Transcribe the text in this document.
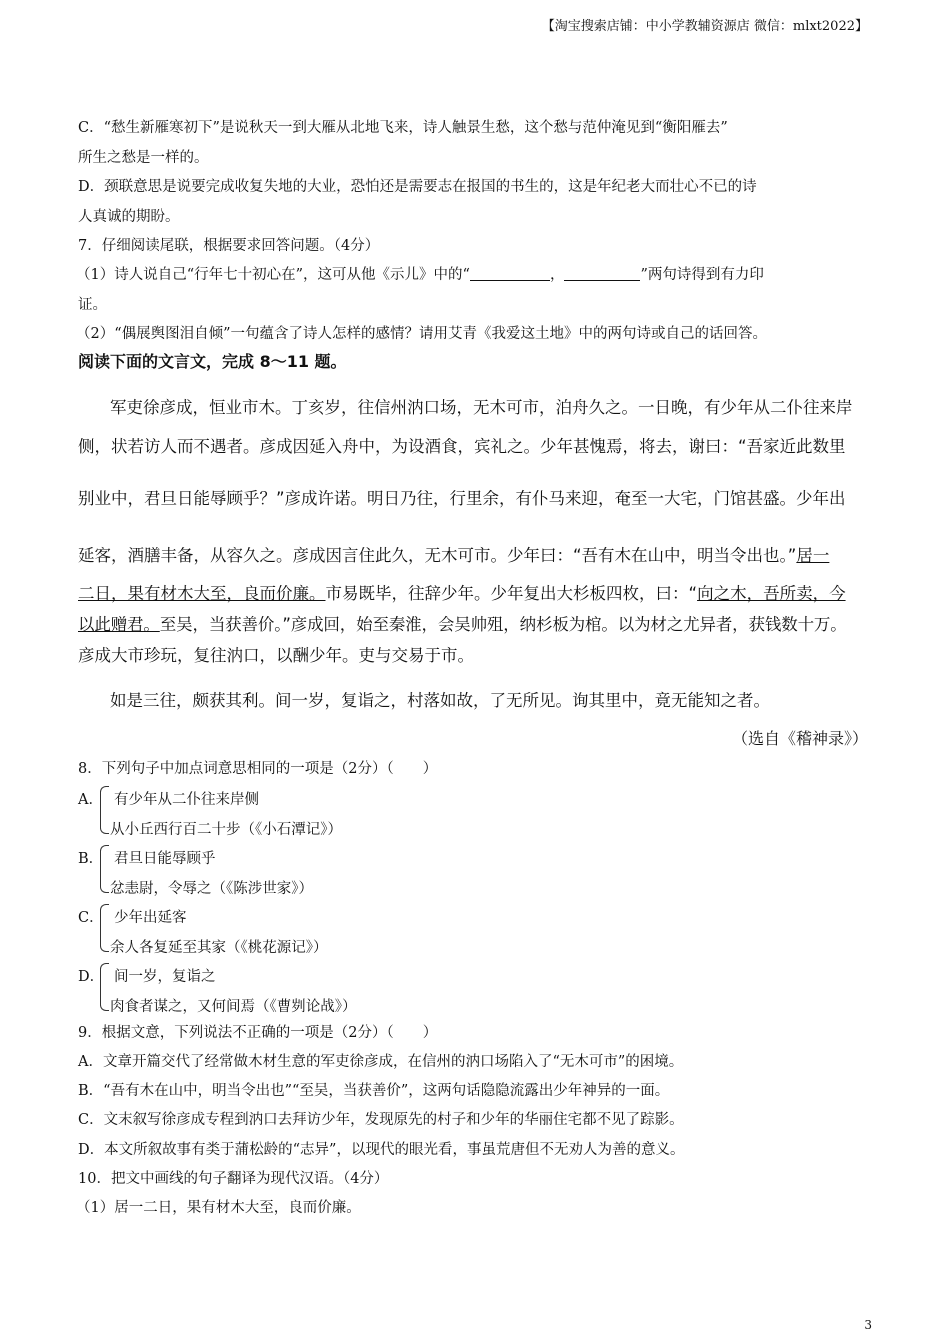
【淘宝搜索店铺：中小学教辅资源店 微信：mlxt2022】
C．“愁生新雁寒初下”是说秋天一到大雁从北地飞来，诗人触景生愁，这个愁与范仲淹见到“衡阳雁去”
所生之愁是一样的。
D．颈联意思是说要完成收复失地的大业，恐怕还是需要志在报国的书生的，这是年纪老大而壮心不已的诗
人真诚的期盼。
7．仔细阅读尾联，根据要求回答问题。（4分）
（1）诗人说自己“行年七十初心在”，这可从他《示儿》中的“	，	”两句诗得到有力印
证。
（2）“偶展舆图泪自倾”一句蕴含了诗人怎样的感情？请用艾青《我爱这土地》中的两句诗或自己的话回答。
阅读下面的文言文，完成 8～11 题。
军吏徐彦成，恒业市木。丁亥岁，往信州汭口场，无木可市，泊舟久之。一日晚，有少年从二仆往来岸
侧，状若访人而不遇者。彦成因延入舟中，为设酒食，宾礼之。少年甚愧焉，将去，谢曰：“吾家近此数里
别业中，君旦日能辱顾乎？”彦成许诺。明日乃往，行里余，有仆马来迎，奄至一大宅，门馆甚盛。少年出
延客，酒膳丰备，从容久之。彦成因言住此久，无木可市。少年曰：“吾有木在山中，明当令出也。”居一
二日，果有材木大至，良而价廉。市易既毕，往辞少年。少年复出大杉板四枚，曰：“向之木，吾所卖，今
以此赠君。至吴，当获善价。”彦成回，始至秦淮，会吴帅殂，纳杉板为棺。以为材之尤异者，获钱数十万。
彦成大市珍玩，复往汭口，以酬少年。吏与交易于市。
如是三往，颇获其利。间一岁，复诣之，村落如故，了无所见。询其里中，竟无能知之者。
（选自《稽神录》）
8．下列句子中加点词意思相同的一项是（2分）（　　）
A． 有少年从二仆往来岸侧
从小丘西行百二十步（《小石潭记》）
B． 君旦日能辱顾乎
忿恚尉，令辱之（《陈涉世家》）
C． 少年出延客
余人各复延至其家（《桃花源记》）
D． 间一岁，复诣之
肉食者谋之，又何间焉（《曹刿论战》）
9．根据文意，下列说法不正确的一项是（2分）（　　）
A．文章开篇交代了经常做木材生意的军吏徐彦成，在信州的汭口场陷入了“无木可市”的困境。
B．“吾有木在山中，明当令出也”“至吴，当获善价”，这两句话隐隐流露出少年神异的一面。
C．文末叙写徐彦成专程到汭口去拜访少年，发现原先的村子和少年的华丽住宅都不见了踪影。
D．本文所叙故事有类于蒲松龄的“志异”，以现代的眼光看，事虽荒唐但不无劝人为善的意义。
10．把文中画线的句子翻译为现代汉语。（4分）
（1）居一二日，果有材木大至，良而价廉。
3
